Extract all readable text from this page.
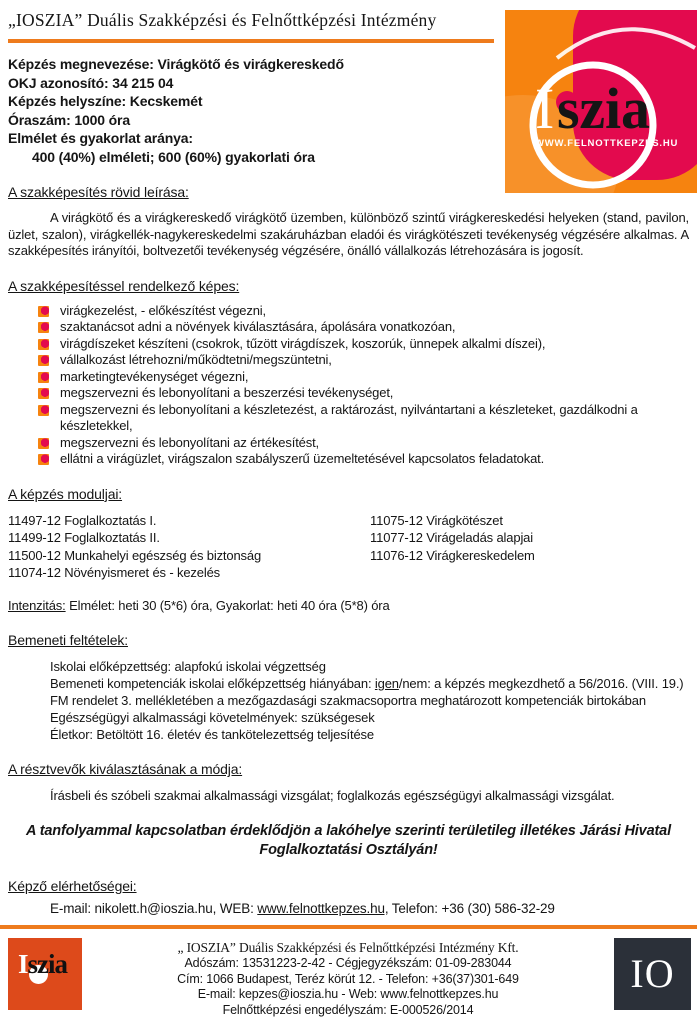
„IOSZIA” Duális Szakképzési és Felnőttképzési Intézmény
I szia
WWW.FELNOTTKEPZES.HU
Képzés megnevezése: Virágkötő és virágkereskedő
OKJ azonosító: 34 215 04
Képzés helyszíne: Kecskemét
Óraszám: 1000 óra
Elmélet és gyakorlat aránya:
400 (40%) elméleti; 600 (60%) gyakorlati óra
A szakképesítés rövid leírása:
A virágkötő és a virágkereskedő virágkötő üzemben, különböző szintű virágkereskedési helyeken (stand, pavilon, üzlet, szalon), virágkellék-nagykereskedelmi szakáruházban eladói és virágkötészeti tevékenység végzésére alkalmas. A szakképesítés irányítói, boltvezetői tevékenység végzésére, önálló vállalkozás létrehozására is jogosít.
A szakképesítéssel rendelkező képes:
virágkezelést, - előkészítést végezni,
szaktanácsot adni a növények kiválasztására, ápolására vonatkozóan,
virágdíszeket készíteni (csokrok, tűzött virágdíszek, koszorúk, ünnepek alkalmi díszei),
vállalkozást létrehozni/működtetni/megszüntetni,
marketingtevékenységet végezni,
megszervezni és lebonyolítani a beszerzési tevékenységet,
megszervezni és lebonyolítani a készletezést, a raktározást, nyilvántartani a készleteket, gazdálkodni a készletekkel,
megszervezni és lebonyolítani az értékesítést,
ellátni a virágüzlet, virágszalon szabályszerű üzemeltetésével kapcsolatos feladatokat.
A képzés moduljai:
11497-12 Foglalkoztatás I.
11499-12 Foglalkoztatás II.
11500-12 Munkahelyi egészség és biztonság
11074-12 Növényismeret és - kezelés
11075-12 Virágkötészet
11077-12 Virágeladás alapjai
11076-12 Virágkereskedelem
Intenzitás: Elmélet: heti 30 (5*6) óra, Gyakorlat: heti 40 óra (5*8) óra
Bemeneti feltételek:
Iskolai előképzettség: alapfokú iskolai végzettség
Bemeneti kompetenciák iskolai előképzettség hiányában: igen/nem: a képzés megkezdhető a 56/2016. (VIII. 19.) FM rendelet 3. mellékletében a mezőgazdasági szakmacsoportra meghatározott kompetenciák birtokában
Egészségügyi alkalmassági követelmények: szükségesek
Életkor: Betöltött 16. életév és tankötelezettség teljesítése
A résztvevők kiválasztásának a módja:
Írásbeli és szóbeli szakmai alkalmassági vizsgálat; foglalkozás egészségügyi alkalmassági vizsgálat.
A tanfolyammal kapcsolatban érdeklődjön a lakóhelye szerinti területileg illetékes Járási Hivatal Foglalkoztatási Osztályán!
Képző elérhetőségei:
E-mail: nikolett.h@ioszia.hu, WEB: www.felnottkepzes.hu, Telefon: +36 (30) 586-32-29
Iszia
„ IOSZIA” Duális Szakképzési és Felnőttképzési Intézmény Kft.
Adószám: 13531223-2-42 - Cégjegyzékszám: 01-09-283044
Cím: 1066 Budapest, Teréz körút 12. - Telefon: +36(37)301-649
E-mail: kepzes@ioszia.hu - Web: www.felnottkepzes.hu
Felnőttképzési engedélyszám: E-000526/2014
IO
